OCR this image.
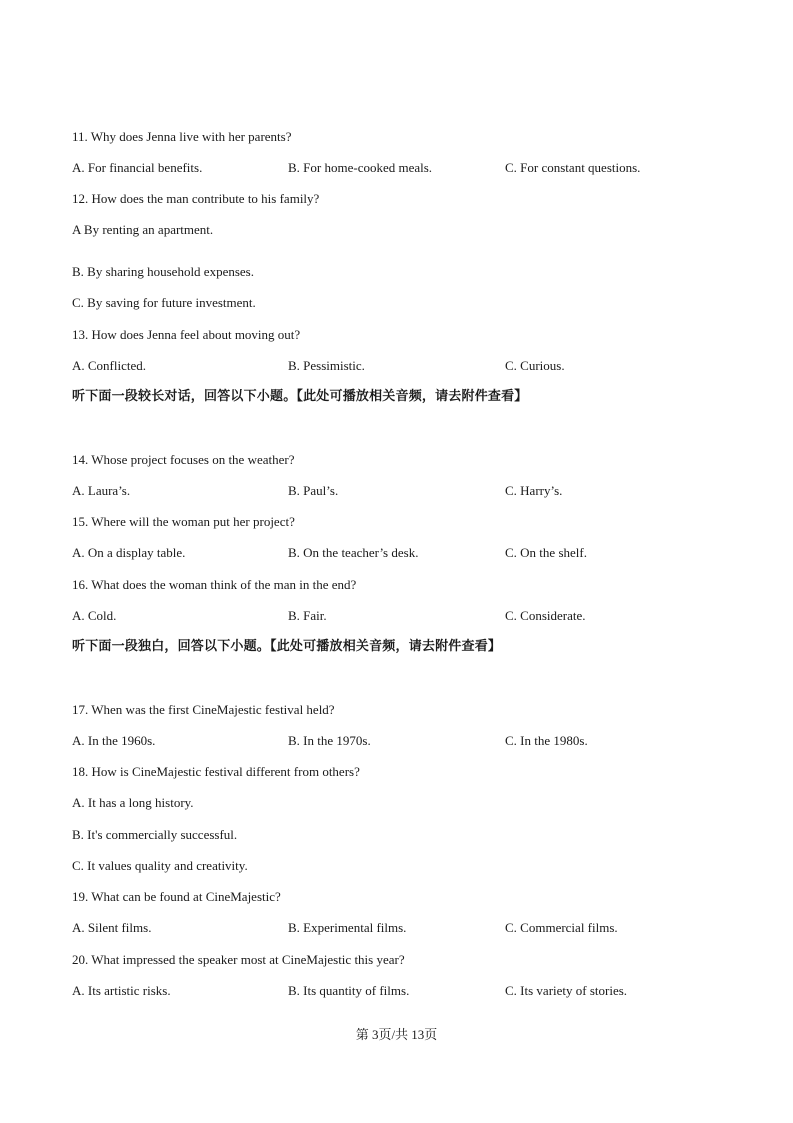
11. Why does Jenna live with her parents?
A. For financial benefits.	B. For home-cooked meals.	C. For constant questions.
12. How does the man contribute to his family?
A By renting an apartment.
B. By sharing household expenses.
C. By saving for future investment.
13. How does Jenna feel about moving out?
A. Conflicted.	B. Pessimistic.	C. Curious.
听下面一段较长对话，回答以下小题。【此处可播放相关音频，请去附件查看】
14. Whose project focuses on the weather?
A. Laura’s.	B. Paul’s.	C. Harry’s.
15. Where will the woman put her project?
A. On a display table.	B. On the teacher’s desk.	C. On the shelf.
16. What does the woman think of the man in the end?
A. Cold.	B. Fair.	C. Considerate.
听下面一段独白，回答以下小题。【此处可播放相关音频，请去附件查看】
17. When was the first CineMajestic festival held?
A. In the 1960s.	B. In the 1970s.	C. In the 1980s.
18. How is CineMajestic festival different from others?
A. It has a long history.
B. It's commercially successful.
C. It values quality and creativity.
19. What can be found at CineMajestic?
A. Silent films.	B. Experimental films.	C. Commercial films.
20. What impressed the speaker most at CineMajestic this year?
A. Its artistic risks.	B. Its quantity of films.	C. Its variety of stories.
第 3页/共 13页
